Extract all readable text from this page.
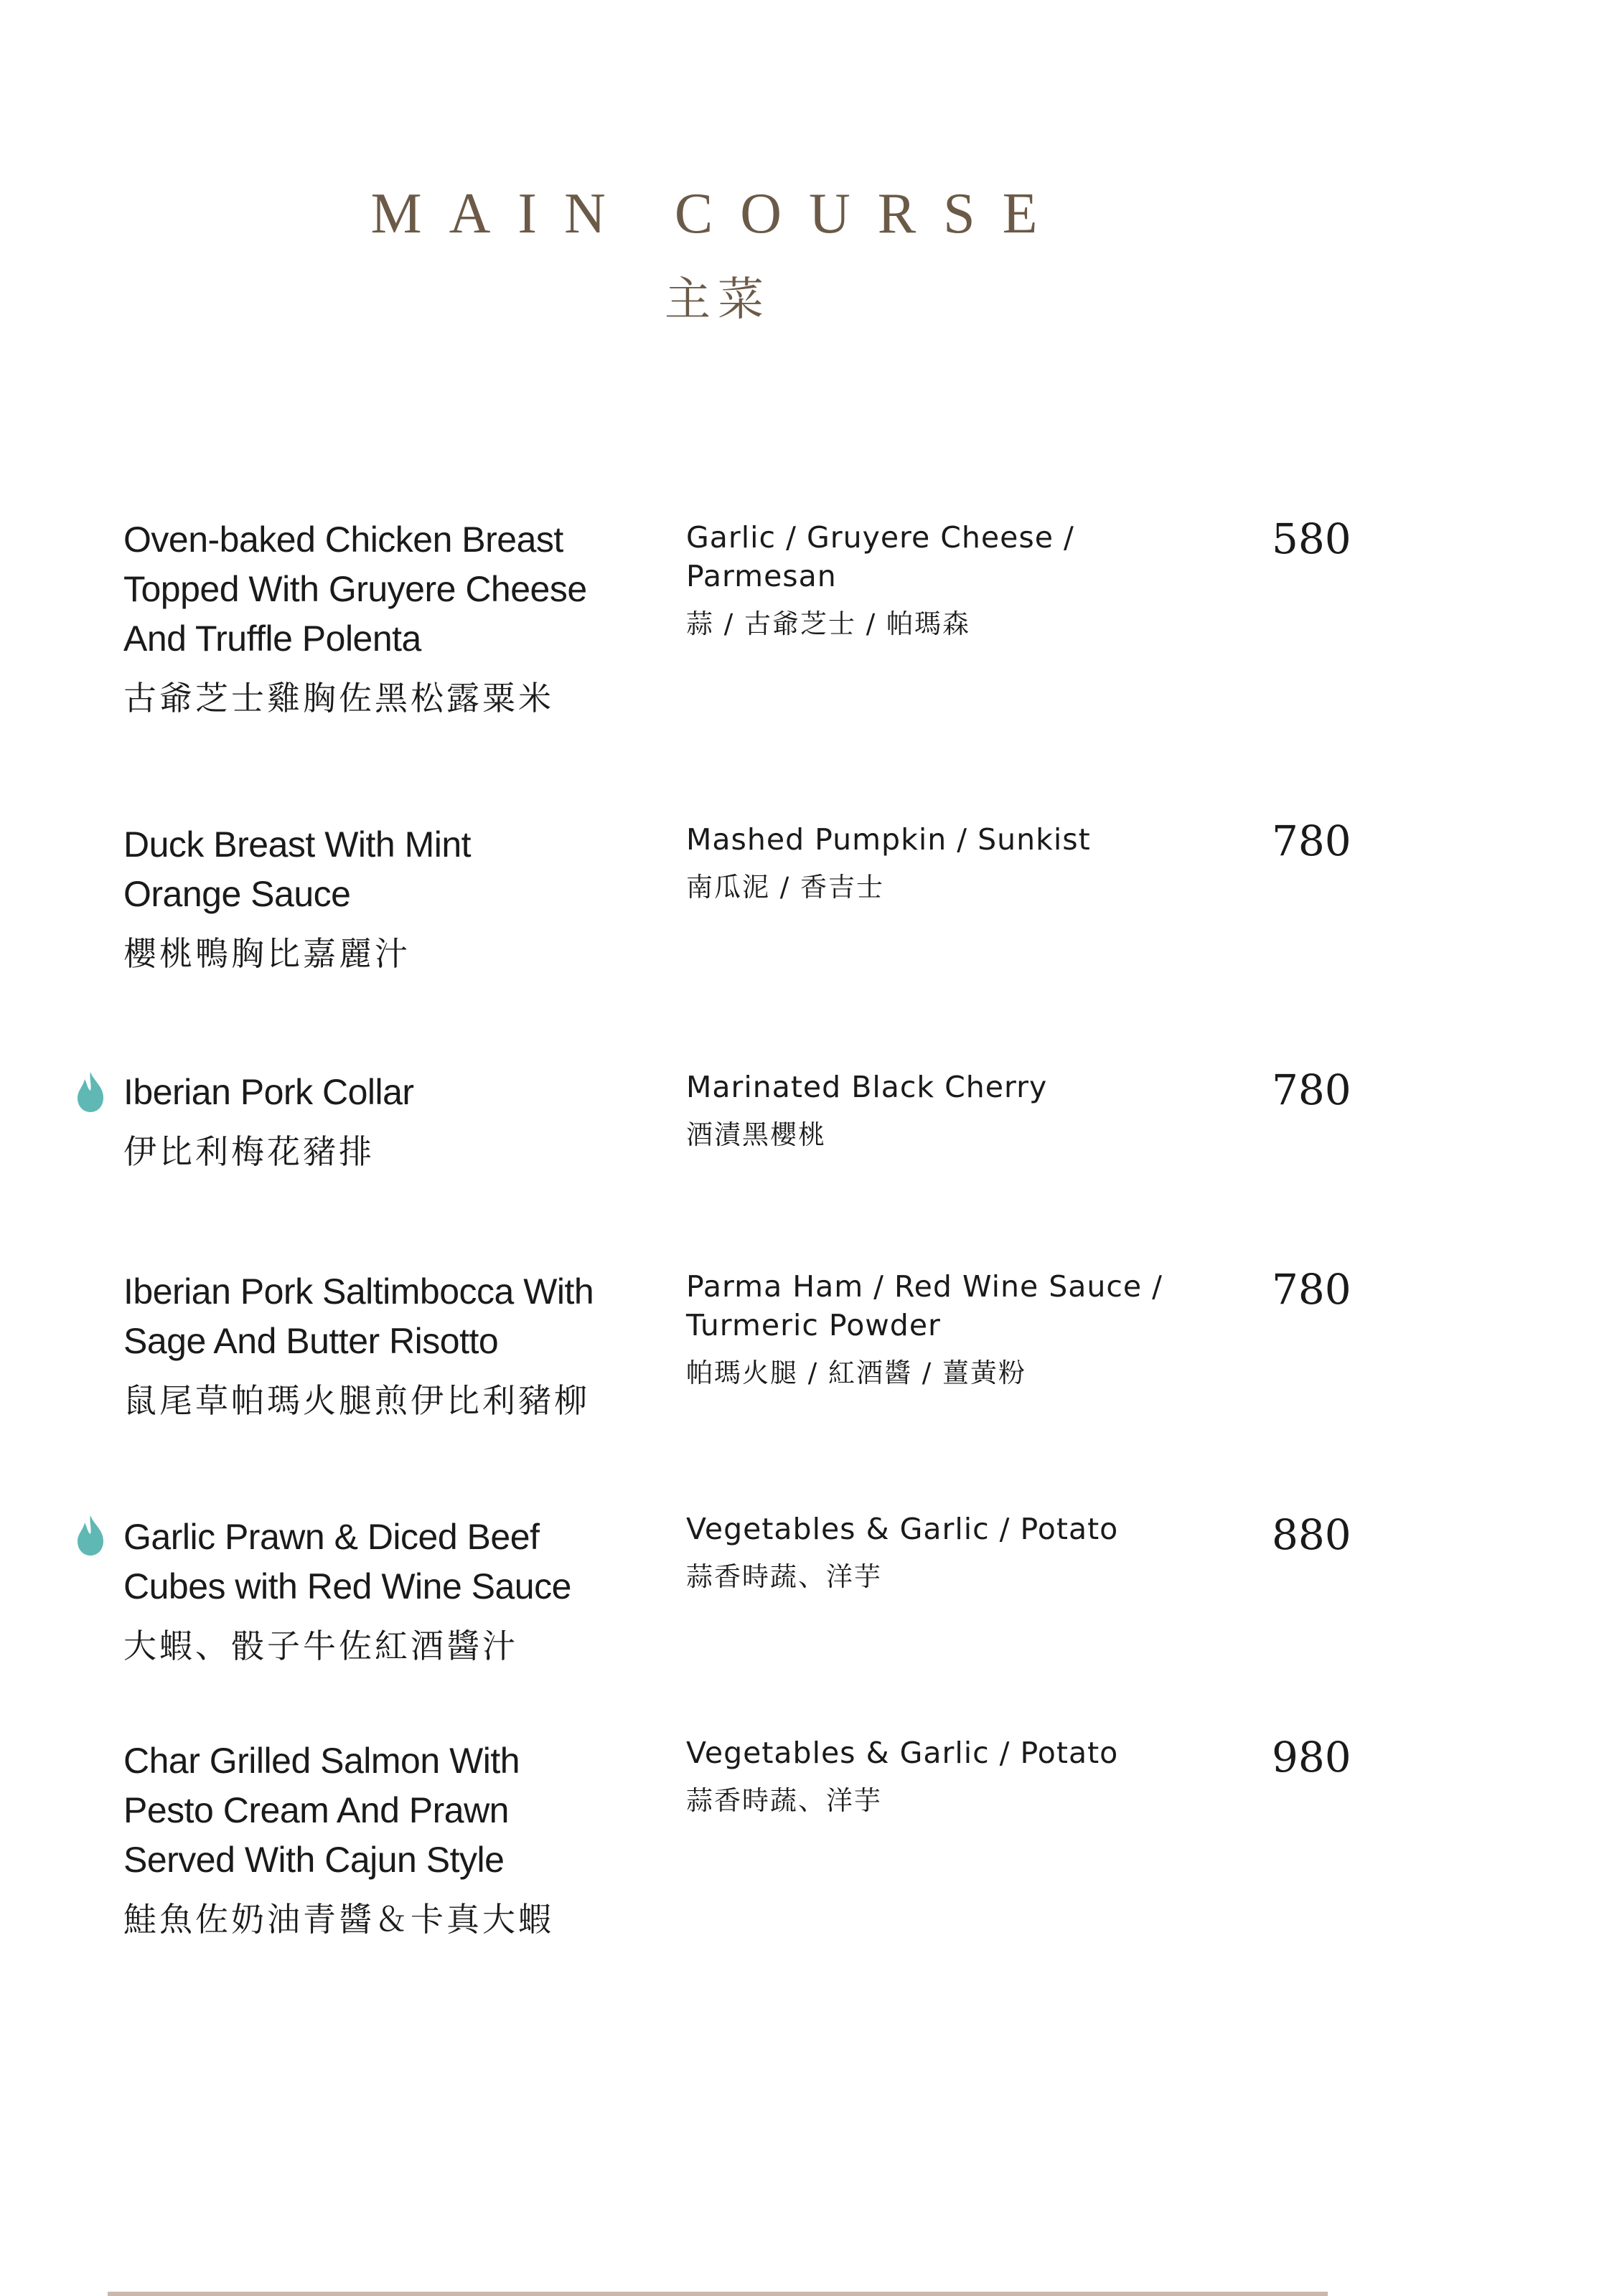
MAIN COURSE
主菜
Oven-baked Chicken Breast
Topped With Gruyere Cheese
And Truffle Polenta
古爺芝士雞胸佐黑松露粟米
Garlic / Gruyere Cheese /
Parmesan
蒜 / 古爺芝士 / 帕瑪森
580
Duck Breast With Mint
Orange Sauce
櫻桃鴨胸比嘉麗汁
Mashed Pumpkin / Sunkist
南瓜泥 / 香吉士
780
Iberian Pork Collar
伊比利梅花豬排
Marinated Black Cherry
酒漬黑櫻桃
780
Iberian Pork Saltimbocca With
Sage And Butter Risotto
鼠尾草帕瑪火腿煎伊比利豬柳
Parma Ham / Red Wine Sauce /
Turmeric Powder
帕瑪火腿 / 紅酒醬 / 薑黃粉
780
Garlic Prawn & Diced Beef
Cubes with Red Wine Sauce
大蝦、骰子牛佐紅酒醬汁
Vegetables & Garlic / Potato
蒜香時蔬、洋芋
880
Char Grilled Salmon With
Pesto Cream And Prawn
Served With Cajun Style
鮭魚佐奶油青醬＆卡真大蝦
Vegetables & Garlic / Potato
蒜香時蔬、洋芋
980
